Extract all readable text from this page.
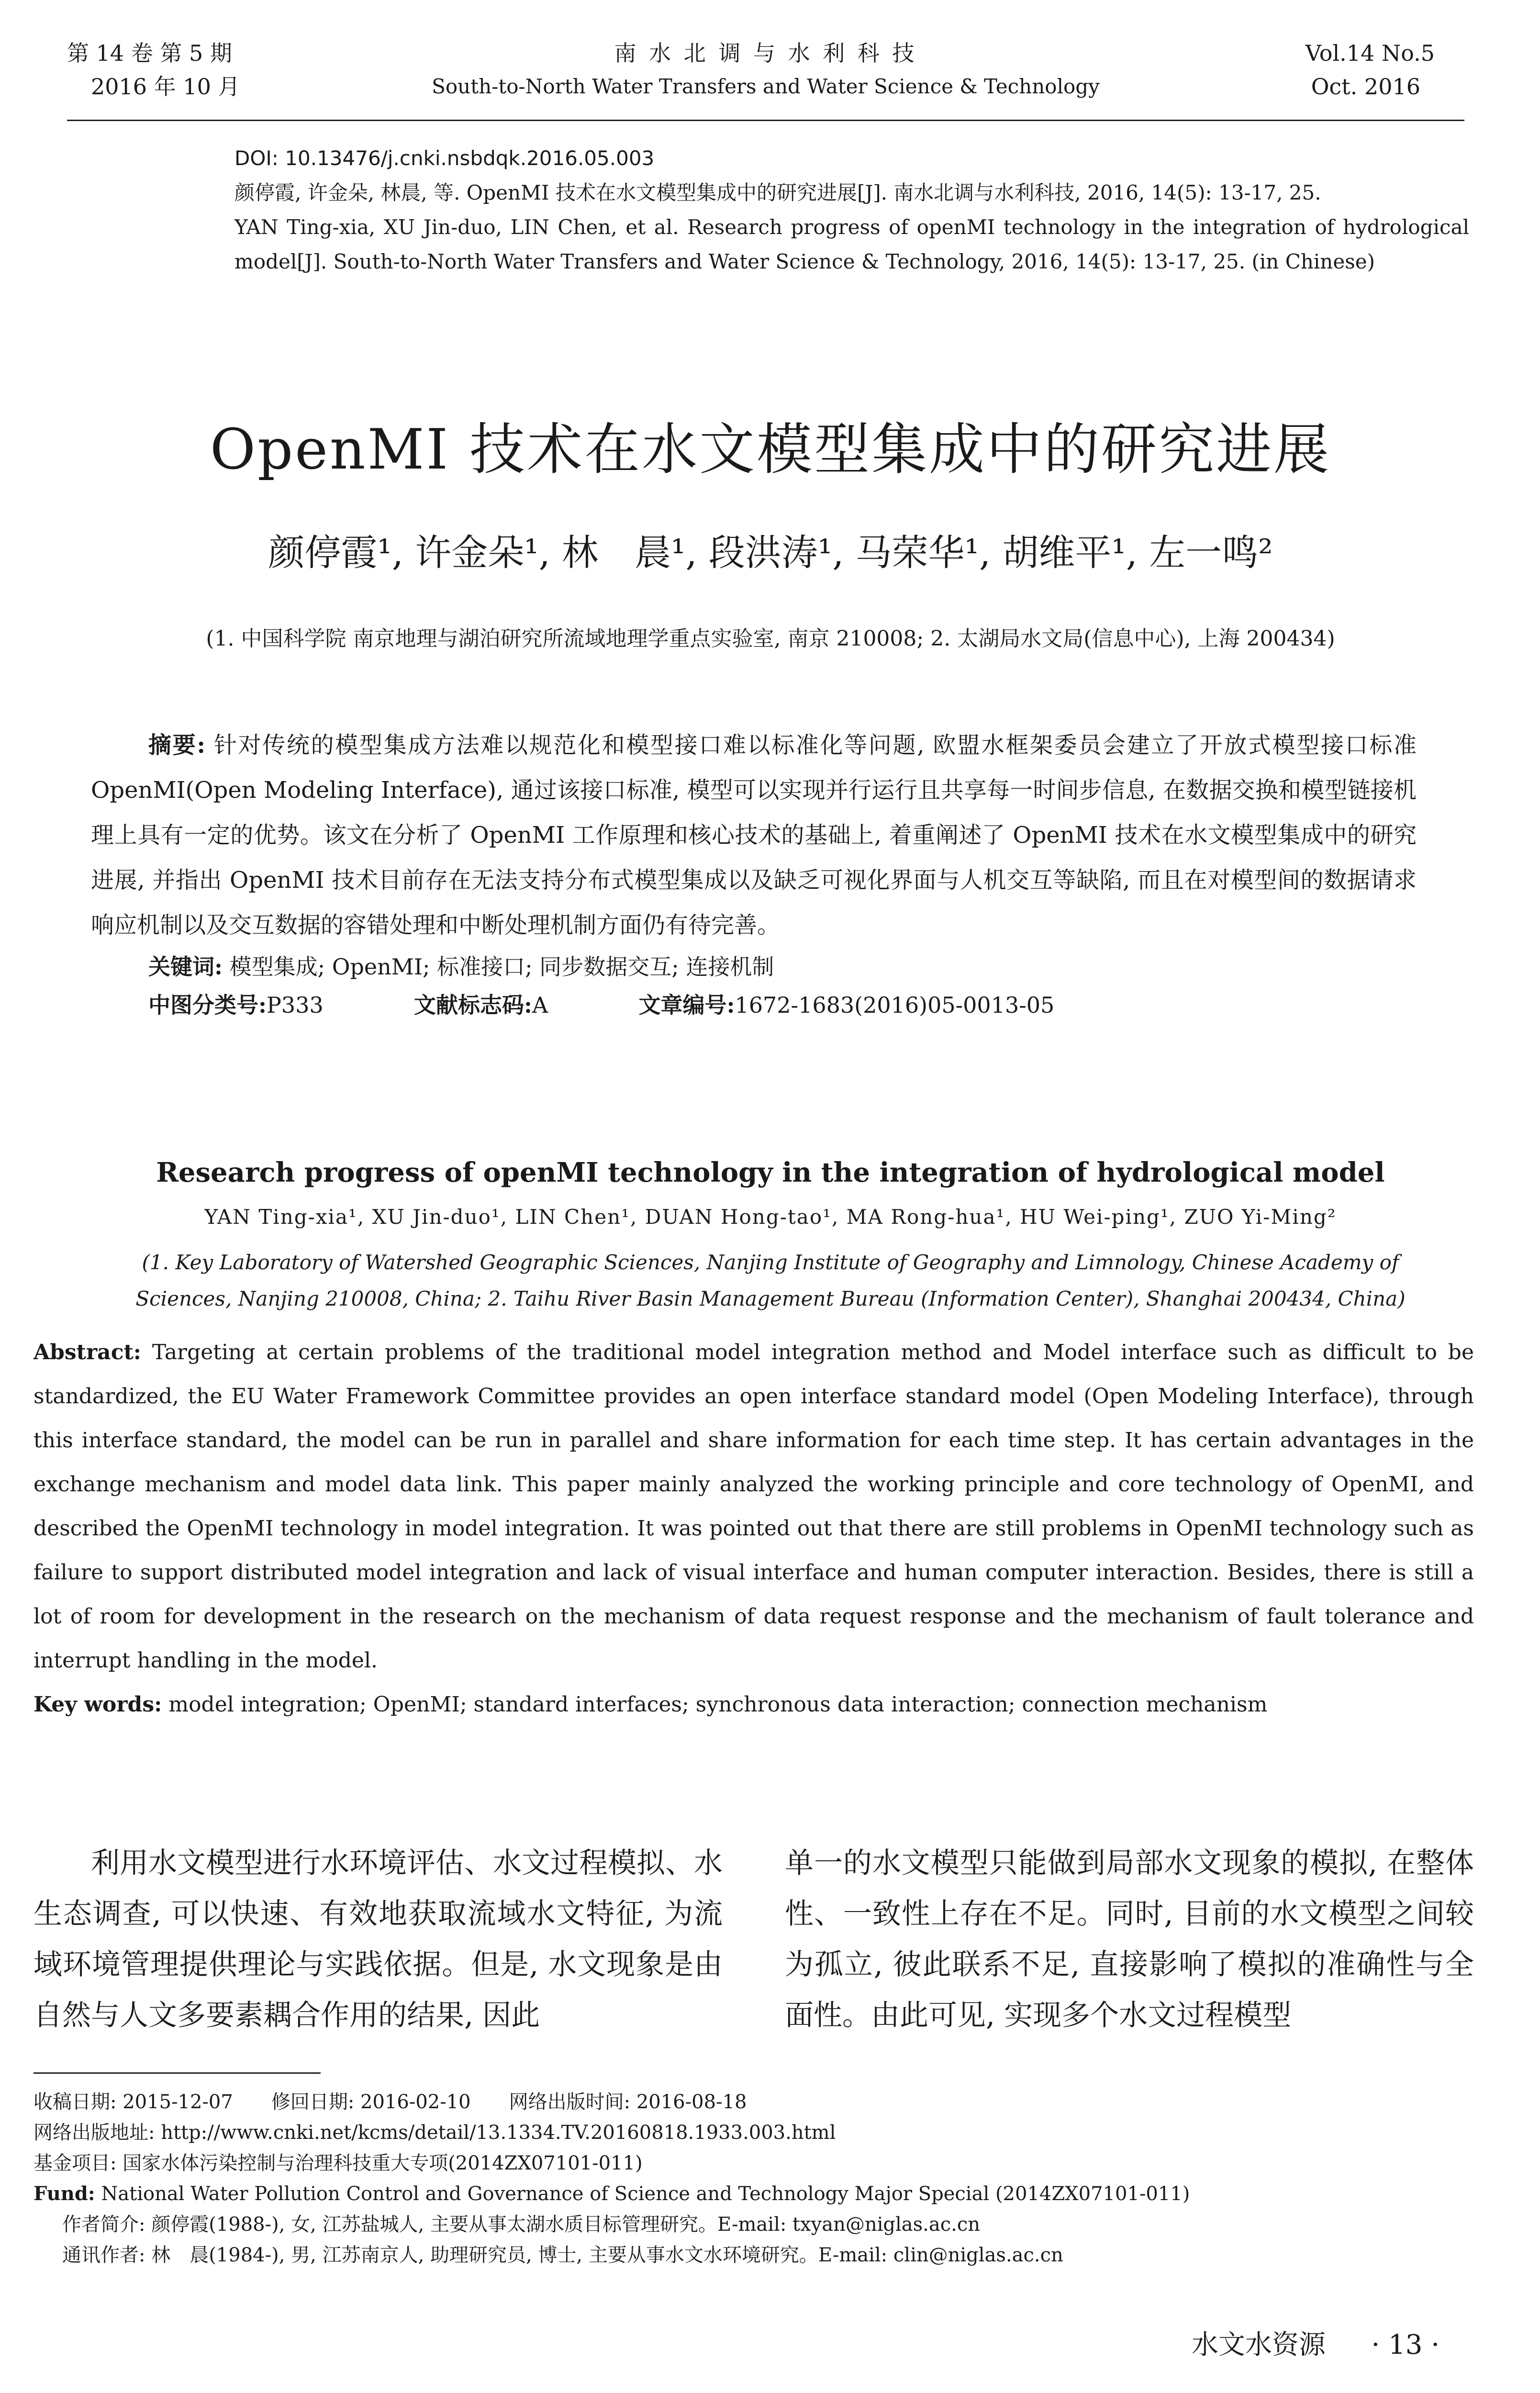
第 14 卷 第 5 期
2016 年 10 月
南 水 北 调 与 水 利 科 技
South-to-North Water Transfers and Water Science & Technology
Vol.14 No.5
Oct. 2016
DOI: 10.13476/j.cnki.nsbdqk.2016.05.003
颜停霞, 许金朵, 林晨, 等. OpenMI 技术在水文模型集成中的研究进展[J]. 南水北调与水利科技, 2016, 14(5): 13-17, 25.
YAN Ting-xia, XU Jin-duo, LIN Chen, et al. Research progress of openMI technology in the integration of hydrological model[J]. South-to-North Water Transfers and Water Science & Technology, 2016, 14(5): 13-17, 25. (in Chinese)
OpenMI 技术在水文模型集成中的研究进展
颜停霞¹, 许金朵¹, 林　晨¹, 段洪涛¹, 马荣华¹, 胡维平¹, 左一鸣²
(1. 中国科学院 南京地理与湖泊研究所流域地理学重点实验室, 南京 210008; 2. 太湖局水文局(信息中心), 上海 200434)

摘要: 针对传统的模型集成方法难以规范化和模型接口难以标准化等问题, 欧盟水框架委员会建立了开放式模型接口标准 OpenMI(Open Modeling Interface), 通过该接口标准, 模型可以实现并行运行且共享每一时间步信息, 在数据交换和模型链接机理上具有一定的优势。该文在分析了 OpenMI 工作原理和核心技术的基础上, 着重阐述了 OpenMI 技术在水文模型集成中的研究进展, 并指出 OpenMI 技术目前存在无法支持分布式模型集成以及缺乏可视化界面与人机交互等缺陷, 而且在对模型间的数据请求响应机制以及交互数据的容错处理和中断处理机制方面仍有待完善。

关键词: 模型集成; OpenMI; 标准接口; 同步数据交互; 连接机制

中图分类号:P333	文献标志码:A	文章编号:1672-1683(2016)05-0013-05

Research progress of openMI technology in the integration of hydrological model
YAN Ting-xia¹, XU Jin-duo¹, LIN Chen¹, DUAN Hong-tao¹, MA Rong-hua¹, HU Wei-ping¹, ZUO Yi-Ming²
(1. Key Laboratory of Watershed Geographic Sciences, Nanjing Institute of Geography and Limnology, Chinese Academy of
Sciences, Nanjing 210008, China; 2. Taihu River Basin Management Bureau (Information Center), Shanghai 200434, China)

Abstract: Targeting at certain problems of the traditional model integration method and Model interface such as difficult to be standardized, the EU Water Framework Committee provides an open interface standard model (Open Modeling Interface), through this interface standard, the model can be run in parallel and share information for each time step. It has certain advantages in the exchange mechanism and model data link. This paper mainly analyzed the working principle and core technology of OpenMI, and described the OpenMI technology in model integration. It was pointed out that there are still problems in OpenMI technology such as failure to support distributed model integration and lack of visual interface and human computer interaction. Besides, there is still a lot of room for development in the research on the mechanism of data request response and the mechanism of fault tolerance and interrupt handling in the model.

Key words: model integration; OpenMI; standard interfaces; synchronous data interaction; connection mechanism

利用水文模型进行水环境评估、水文过程模拟、水生态调查, 可以快速、有效地获取流域水文特征, 为流域环境管理提供理论与实践依据。但是, 水文现象是由自然与人文多要素耦合作用的结果, 因此

单一的水文模型只能做到局部水文现象的模拟, 在整体性、一致性上存在不足。同时, 目前的水文模型之间较为孤立, 彼此联系不足, 直接影响了模拟的准确性与全面性。由此可见, 实现多个水文过程模型

收稿日期: 2015-12-07　　修回日期: 2016-02-10　　网络出版时间: 2016-08-18

网络出版地址: http://www.cnki.net/kcms/detail/13.1334.TV.20160818.1933.003.html

基金项目: 国家水体污染控制与治理科技重大专项(2014ZX07101-011)

Fund: National Water Pollution Control and Governance of Science and Technology Major Special (2014ZX07101-011)

作者简介: 颜停霞(1988-), 女, 江苏盐城人, 主要从事太湖水质目标管理研究。E-mail: txyan@niglas.ac.cn

通讯作者: 林　晨(1984-), 男, 江苏南京人, 助理研究员, 博士, 主要从事水文水环境研究。E-mail: clin@niglas.ac.cn

水文水资源 · 13 ·
